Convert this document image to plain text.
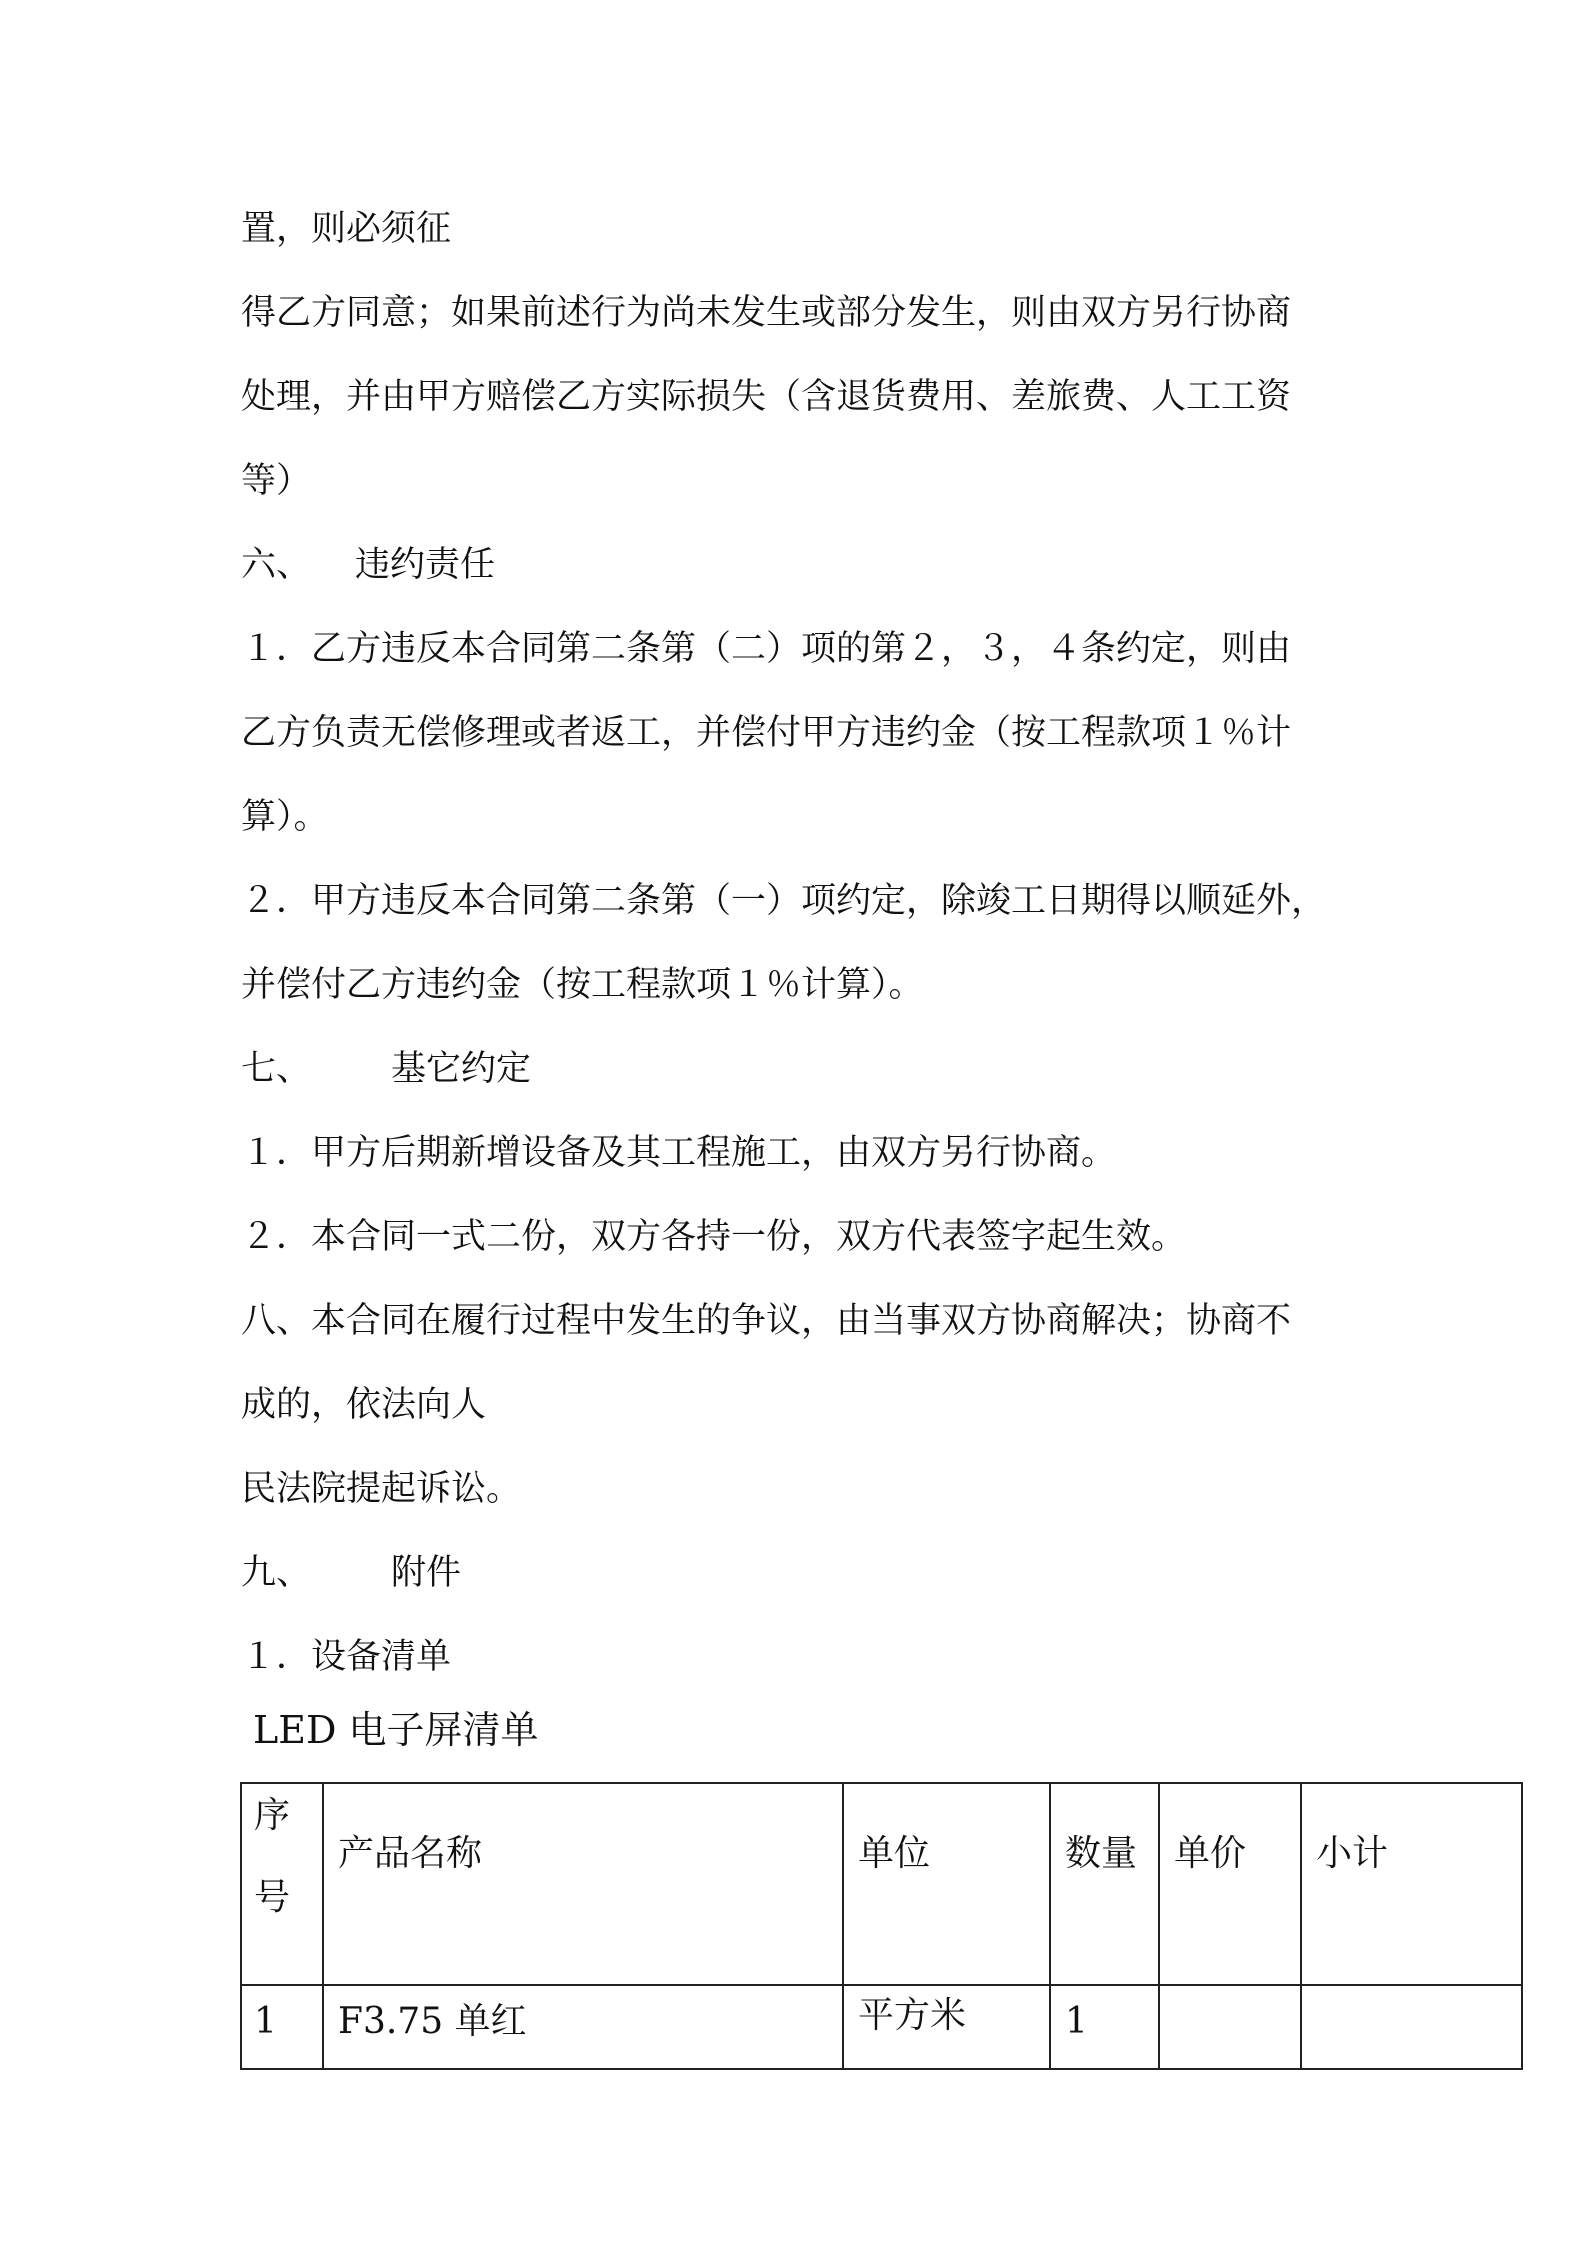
置，则必须征
得乙方同意；如果前述行为尚未发生或部分发生，则由双方另行协商
处理，并由甲方赔偿乙方实际损失（含退货费用、差旅费、人工工资
等）
六、 违约责任
１．乙方违反本合同第二条第（二）项的第２，３，４条约定，则由
乙方负责无偿修理或者返工，并偿付甲方违约金（按工程款项１％计
算）。
２．甲方违反本合同第二条第（一）项约定，除竣工日期得以顺延外，
并偿付乙方违约金（按工程款项１％计算）。
七、 基它约定
１．甲方后期新增设备及其工程施工，由双方另行协商。
２．本合同一式二份，双方各持一份，双方代表签字起生效。
八、本合同在履行过程中发生的争议，由当事双方协商解决；协商不
成的，依法向人
民法院提起诉讼。
九、 附件
１．设备清单
LED 电子屏清单
序
号	产品名称	单位	数量	单价	小计
1	F3.75 单红	平方米	1		
